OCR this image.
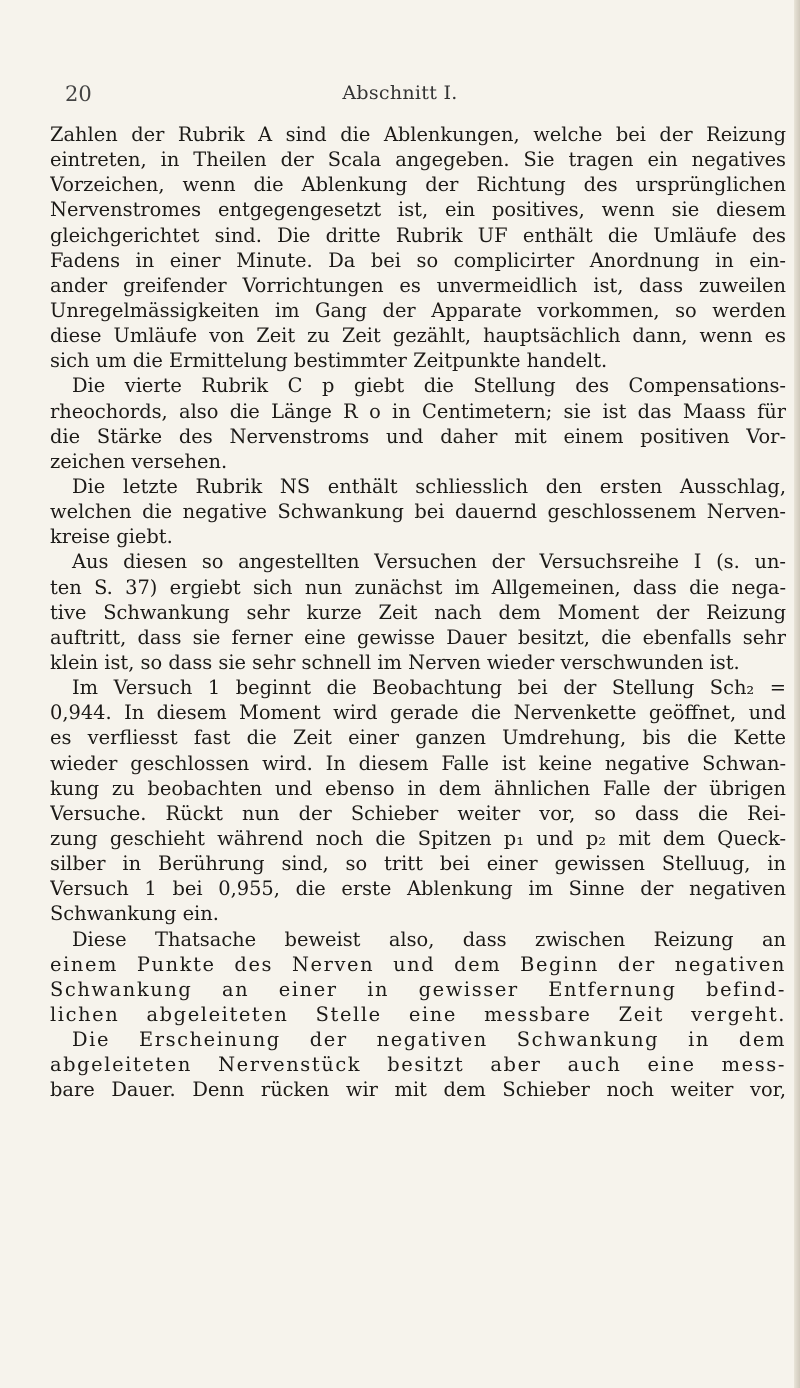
20	Abschnitt I.
Zahlen der Rubrik A sind die Ablenkungen, welche bei der Reizung
eintreten, in Theilen der Scala angegeben. Sie tragen ein negatives
Vorzeichen, wenn die Ablenkung der Richtung des ursprünglichen
Nervenstromes entgegengesetzt ist, ein positives, wenn sie diesem
gleichgerichtet sind. Die dritte Rubrik UF enthält die Umläufe des
Fadens in einer Minute. Da bei so complicirter Anordnung in ein-
ander greifender Vorrichtungen es unvermeidlich ist, dass zuweilen
Unregelmässigkeiten im Gang der Apparate vorkommen, so werden
diese Umläufe von Zeit zu Zeit gezählt, hauptsächlich dann, wenn es
sich um die Ermittelung bestimmter Zeitpunkte handelt.
Die vierte Rubrik C p giebt die Stellung des Compensations-
rheochords, also die Länge R o in Centimetern; sie ist das Maass für
die Stärke des Nervenstroms und daher mit einem positiven Vor-
zeichen versehen.
Die letzte Rubrik NS enthält schliesslich den ersten Ausschlag,
welchen die negative Schwankung bei dauernd geschlossenem Nerven-
kreise giebt.
Aus diesen so angestellten Versuchen der Versuchsreihe I (s. un-
ten S. 37) ergiebt sich nun zunächst im Allgemeinen, dass die nega-
tive Schwankung sehr kurze Zeit nach dem Moment der Reizung
auftritt, dass sie ferner eine gewisse Dauer besitzt, die ebenfalls sehr
klein ist, so dass sie sehr schnell im Nerven wieder verschwunden ist.
Im Versuch 1 beginnt die Beobachtung bei der Stellung Sch₂ =
0,944. In diesem Moment wird gerade die Nervenkette geöffnet, und
es verfliesst fast die Zeit einer ganzen Umdrehung, bis die Kette
wieder geschlossen wird. In diesem Falle ist keine negative Schwan-
kung zu beobachten und ebenso in dem ähnlichen Falle der übrigen
Versuche. Rückt nun der Schieber weiter vor, so dass die Rei-
zung geschieht während noch die Spitzen p₁ und p₂ mit dem Queck-
silber in Berührung sind, so tritt bei einer gewissen Stelluug, in
Versuch 1 bei 0,955, die erste Ablenkung im Sinne der negativen
Schwankung ein.
Diese Thatsache beweist also, dass zwischen Reizung an
einem Punkte des Nerven und dem Beginn der negativen
Schwankung an einer in gewisser Entfernung befind-
lichen abgeleiteten Stelle eine messbare Zeit vergeht.
Die Erscheinung der negativen Schwankung in dem
abgeleiteten Nervenstück besitzt aber auch eine mess-
bare Dauer. Denn rücken wir mit dem Schieber noch weiter vor,
